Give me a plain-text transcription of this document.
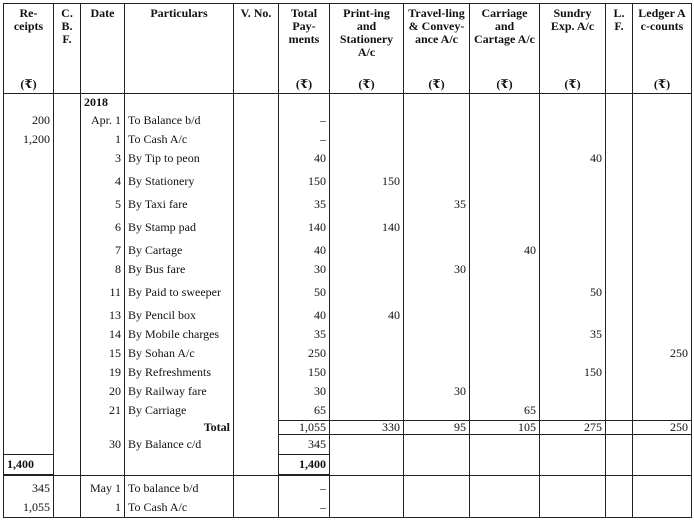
Re-ceipts	C. B. F.	Date	Particulars	V. No.	Total Pay-ments	Print-ing and Stationery A/c	Travel-ling & Convey-ance A/c	Carriage and Cartage A/c	Sundry Exp. A/c	L. F.	Ledger A c-counts
(₹)					(₹)	(₹)	(₹)	(₹)	(₹)		(₹)
		2018									
200		Apr. 1	To Balance b/d		–						
1,200		1	To Cash A/c		–						
		3	By Tip to peon		40				40		
		4	By Stationery		150	150					
		5	By Taxi fare		35		35				
		6	By Stamp pad		140	140					
		7	By Cartage		40			40			
		8	By Bus fare		30		30				
		11	By Paid to sweeper		50				50		
		13	By Pencil box		40	40					
		14	By Mobile charges		35				35		
		15	By Sohan A/c		250						250
		19	By Refreshments		150				150		
		20	By Railway fare		30		30				
		21	By Carriage		65			65			
			Total		1,055	330	95	105	275		250
		30	By Balance c/d		345						
1,400					1,400						

345		May 1	To balance b/d		–						
1,055		1	To Cash A/c		–						
